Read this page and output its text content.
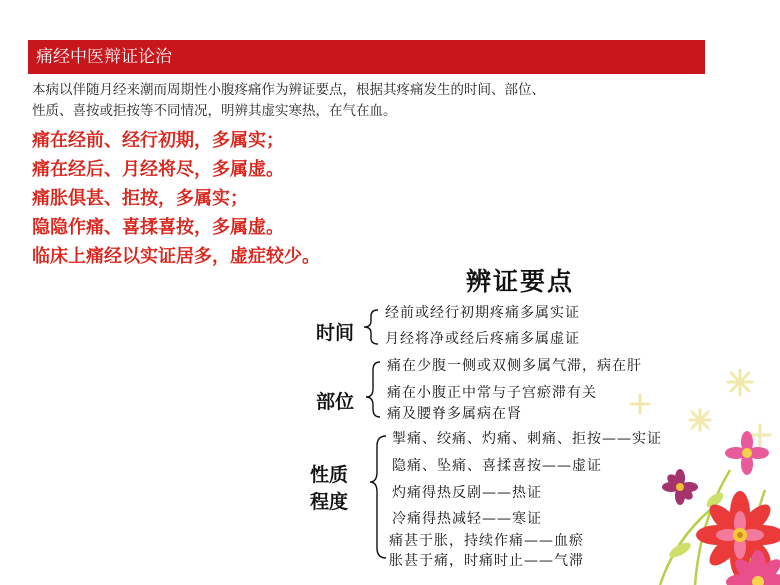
痛经中医辩证论治
本病以伴随月经来潮而周期性小腹疼痛作为辨证要点，根据其疼痛发生的时间、部位、
性质、喜按或拒按等不同情况，明辨其虚实寒热，在气在血。
痛在经前、经行初期，多属实；
痛在经后、月经将尽，多属虚。
痛胀俱甚、拒按，多属实；
隐隐作痛、喜揉喜按，多属虚。
临床上痛经以实证居多，虚症较少。
辨证要点
时间
经前或经行初期疼痛多属实证
月经将净或经后疼痛多属虚证
部位
痛在少腹一侧或双侧多属气滞，病在肝
痛在小腹正中常与子宫瘀滞有关
痛及腰脊多属病在肾
性质
程度
掣痛、绞痛、灼痛、刺痛、拒按——实证
隐痛、坠痛、喜揉喜按——虚证
灼痛得热反剧——热证
冷痛得热减轻——寒证
痛甚于胀，持续作痛——血瘀
胀甚于痛，时痛时止——气滞
